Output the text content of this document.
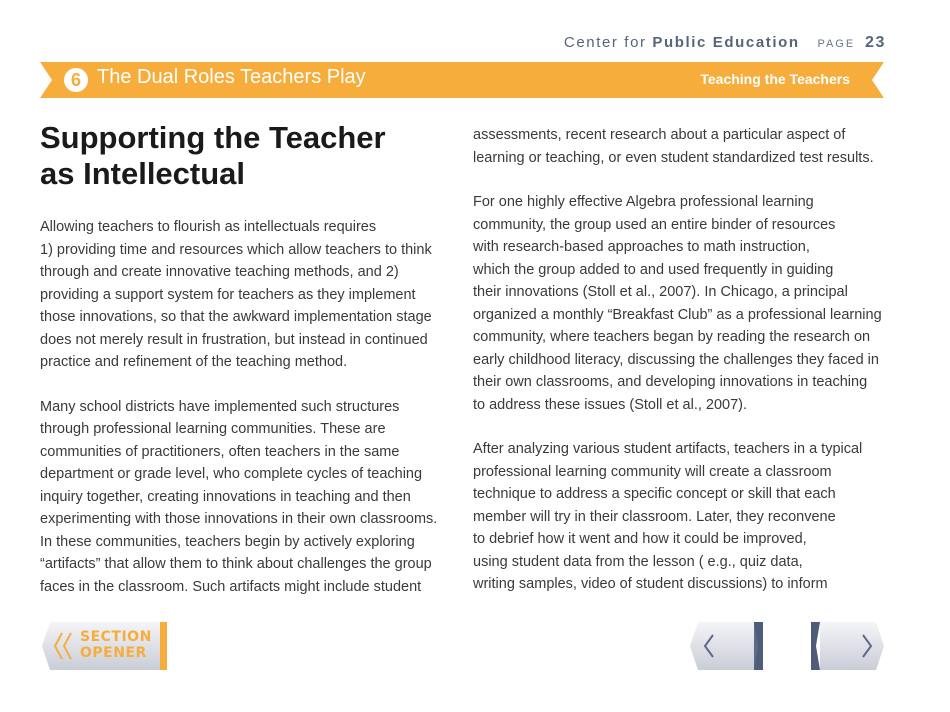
Center for Public Education PAGE 23
6 The Dual Roles Teachers Play	Teaching the Teachers
Supporting the Teacher
as Intellectual

Allowing teachers to flourish as intellectuals requires
1) providing time and resources which allow teachers to think
through and create innovative teaching methods, and 2)
providing a support system for teachers as they implement
those innovations, so that the awkward implementation stage
does not merely result in frustration, but instead in continued
practice and refinement of the teaching method.

Many school districts have implemented such structures
through professional learning communities. These are
communities of practitioners, often teachers in the same
department or grade level, who complete cycles of teaching
inquiry together, creating innovations in teaching and then
experimenting with those innovations in their own classrooms.
In these communities, teachers begin by actively exploring
“artifacts” that allow them to think about challenges the group
faces in the classroom. Such artifacts might include student

assessments, recent research about a particular aspect of
learning or teaching, or even student standardized test results.

For one highly effective Algebra professional learning
community, the group used an entire binder of resources
with research-based approaches to math instruction,
which the group added to and used frequently in guiding
their innovations (Stoll et al., 2007). In Chicago, a principal
organized a monthly “Breakfast Club” as a professional learning
community, where teachers began by reading the research on
early childhood literacy, discussing the challenges they faced in
their own classrooms, and developing innovations in teaching
to address these issues (Stoll et al., 2007).

After analyzing various student artifacts, teachers in a typical
professional learning community will create a classroom
technique to address a specific concept or skill that each
member will try in their classroom. Later, they reconvene
to debrief how it went and how it could be improved,
using student data from the lesson ( e.g., quiz data,
writing samples, video of student discussions) to inform

SECTION
OPENER
